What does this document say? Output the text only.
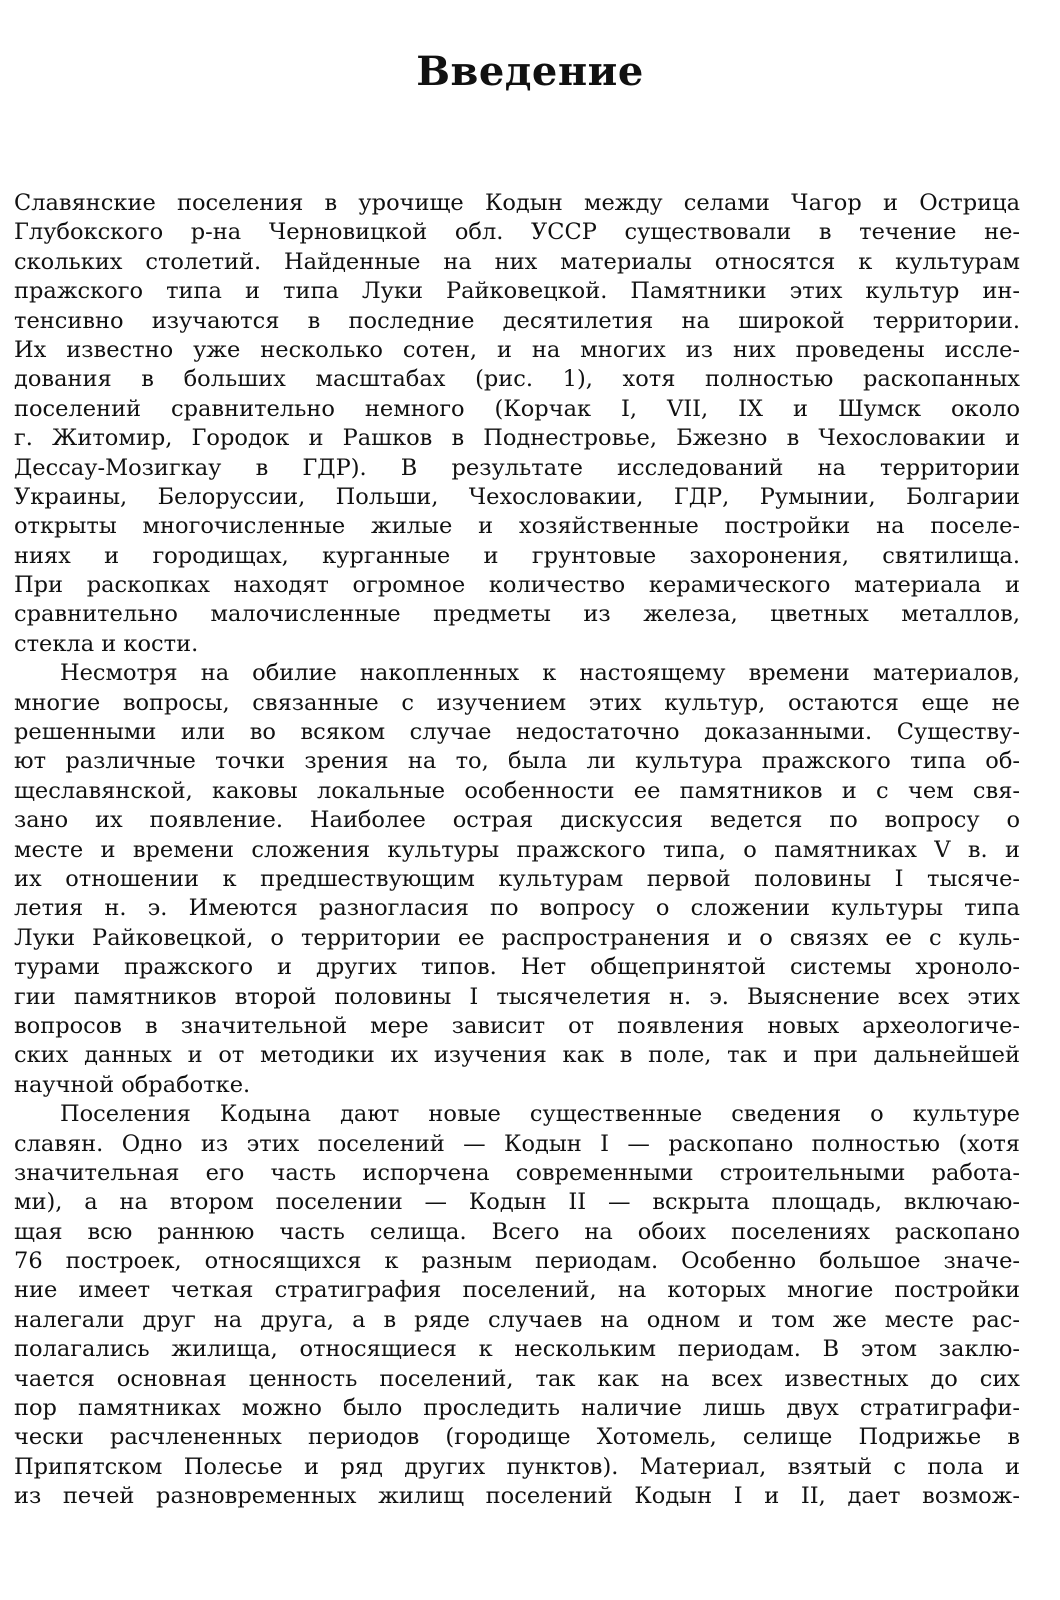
Введение
Славянские поселения в урочище Кодын между селами Чагор и Острица
Глубокского р-на Черновицкой обл. УССР существовали в течение не-
скольких столетий. Найденные на них материалы относятся к культурам
пражского типа и типа Луки Райковецкой. Памятники этих культур ин-
тенсивно изучаются в последние десятилетия на широкой территории.
Их известно уже несколько сотен, и на многих из них проведены иссле-
дования в больших масштабах (рис. 1), хотя полностью раскопанных
поселений сравнительно немного (Корчак I, VII, IX и Шумск около
г. Житомир, Городок и Рашков в Поднестровье, Бжезно в Чехословакии и
Дессау-Мозигкау в ГДР). В результате исследований на территории
Украины, Белоруссии, Польши, Чехословакии, ГДР, Румынии, Болгарии
открыты многочисленные жилые и хозяйственные постройки на поселе-
ниях и городищах, курганные и грунтовые захоронения, святилища.
При раскопках находят огромное количество керамического материала и
сравнительно малочисленные предметы из железа, цветных металлов,
стекла и кости.
Несмотря на обилие накопленных к настоящему времени материалов,
многие вопросы, связанные с изучением этих культур, остаются еще не
решенными или во всяком случае недостаточно доказанными. Существу-
ют различные точки зрения на то, была ли культура пражского типа об-
щеславянской, каковы локальные особенности ее памятников и с чем свя-
зано их появление. Наиболее острая дискуссия ведется по вопросу о
месте и времени сложения культуры пражского типа, о памятниках V в. и
их отношении к предшествующим культурам первой половины I тысяче-
летия н. э. Имеются разногласия по вопросу о сложении культуры типа
Луки Райковецкой, о территории ее распространения и о связях ее с куль-
турами пражского и других типов. Нет общепринятой системы хроноло-
гии памятников второй половины I тысячелетия н. э. Выяснение всех этих
вопросов в значительной мере зависит от появления новых археологиче-
ских данных и от методики их изучения как в поле, так и при дальнейшей
научной обработке.
Поселения Кодына дают новые существенные сведения о культуре
славян. Одно из этих поселений — Кодын I — раскопано полностью (хотя
значительная его часть испорчена современными строительными работа-
ми), а на втором поселении — Кодын II — вскрыта площадь, включаю-
щая всю раннюю часть селища. Всего на обоих поселениях раскопано
76 построек, относящихся к разным периодам. Особенно большое значе-
ние имеет четкая стратиграфия поселений, на которых многие постройки
налегали друг на друга, а в ряде случаев на одном и том же месте рас-
полагались жилища, относящиеся к нескольким периодам. В этом заклю-
чается основная ценность поселений, так как на всех известных до сих
пор памятниках можно было проследить наличие лишь двух стратиграфи-
чески расчлененных периодов (городище Хотомель, селище Подрижье в
Припятском Полесье и ряд других пунктов). Материал, взятый с пола и
из печей разновременных жилищ поселений Кодын I и II, дает возмож-
